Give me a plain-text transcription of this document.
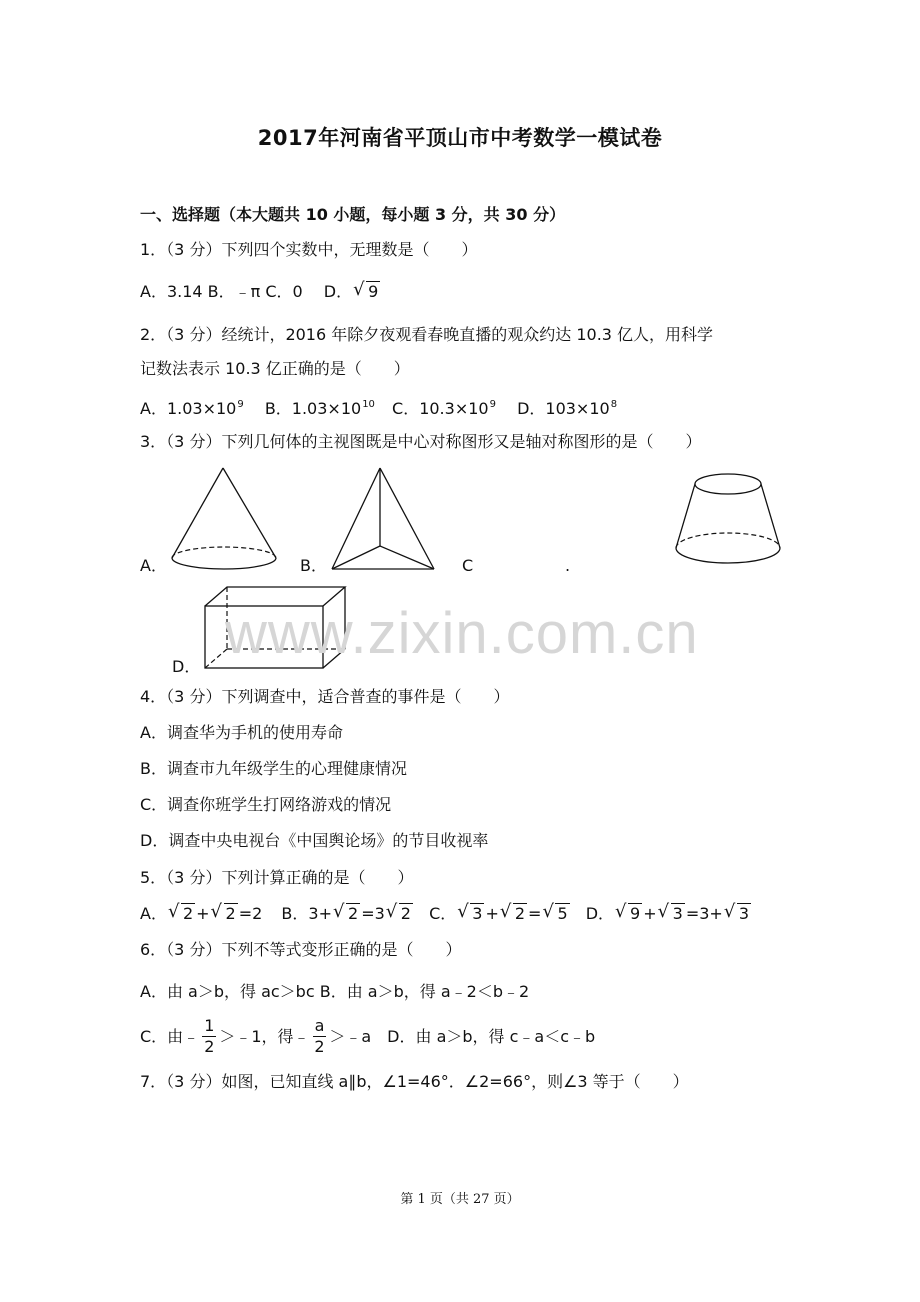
2017年河南省平顶山市中考数学一模试卷
一、选择题（本大题共 10 小题，每小题 3 分，共 30 分）
1．（3 分）下列四个实数中，无理数是（　　）
A．3.14 B．﹣π C．0　 D． √ 9
2．（3 分）经统计，2016 年除夕夜观看春晚直播的观众约达 10.3 亿人，用科学
记数法表示 10.3 亿正确的是（　　）
A．$1.03\times 10^9$ B．$1.03\times 10^{10}$ C．$10.3\times 10^9$ D．$103\times 10^8$
3．（3 分）下列几何体的主视图既是中心对称图形又是轴对称图形的是（　　）
A．	B．	C	.
D．
www.zixin.com.cn
4．（3 分）下列调查中，适合普查的事件是（　　）
A．调查华为手机的使用寿命
B．调查市九年级学生的心理健康情况
C．调查你班学生打网络游戏的情况
D．调查中央电视台《中国舆论场》的节目收视率
5．（3 分）下列计算正确的是（　　）
A． √ 2 + √ 2 =2 B．3+ √ 2 =3 √ 2 C． √ 3 + √ 2 = √ 5 D． √ 9 + √ 3 =3+ √ 3
6．（3 分）下列不等式变形正确的是（　　）
A．由 a＞b，得 ac＞bc B．由 a＞b，得 a﹣2＜b﹣2
C．由﹣ $\frac{1}{2}$ ＞﹣1，得﹣ $\frac{a}{2}$ ＞﹣a　D．由 a＞b，得 c﹣a＜c﹣b
7．（3 分）如图，已知直线 a∥b，∠1=46°．∠2=66°，则∠3 等于（　　）
第 1 页（共 27 页）
